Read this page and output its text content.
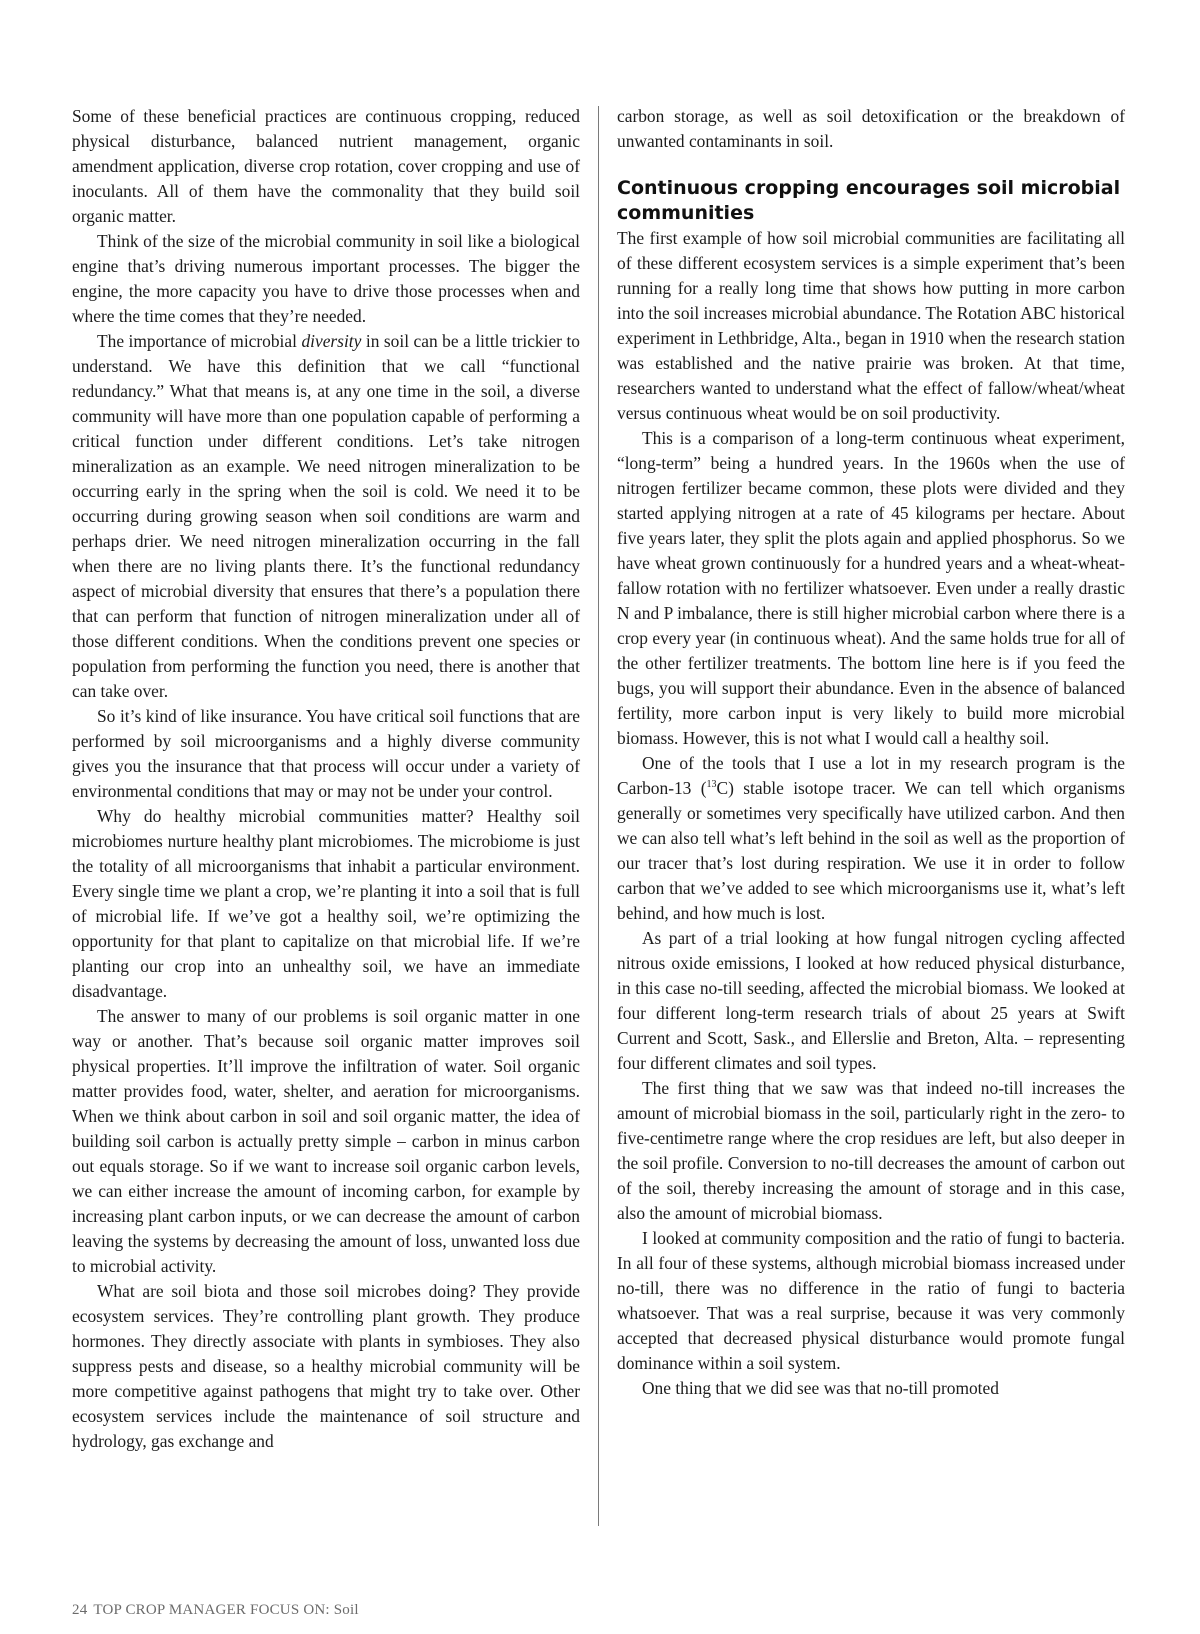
Some of these beneficial practices are continuous cropping, reduced physical disturbance, balanced nutrient management, organic amendment application, diverse crop rotation, cover cropping and use of inoculants. All of them have the commonality that they build soil organic matter.

Think of the size of the microbial community in soil like a biological engine that’s driving numerous important processes. The bigger the engine, the more capacity you have to drive those processes when and where the time comes that they’re needed.

The importance of microbial diversity in soil can be a little trickier to understand. We have this definition that we call “functional redundancy.” What that means is, at any one time in the soil, a diverse community will have more than one population capable of performing a critical function under different conditions. Let’s take nitrogen mineralization as an example. We need nitrogen mineralization to be occurring early in the spring when the soil is cold. We need it to be occurring during growing season when soil conditions are warm and perhaps drier. We need nitrogen mineralization occurring in the fall when there are no living plants there. It’s the functional redundancy aspect of microbial diversity that ensures that there’s a population there that can perform that function of nitrogen mineralization under all of those different conditions. When the conditions prevent one species or population from performing the function you need, there is another that can take over.

So it’s kind of like insurance. You have critical soil functions that are performed by soil microorganisms and a highly diverse community gives you the insurance that that process will occur under a variety of environmental conditions that may or may not be under your control.

Why do healthy microbial communities matter? Healthy soil microbiomes nurture healthy plant microbiomes. The microbiome is just the totality of all microorganisms that inhabit a particular environment. Every single time we plant a crop, we’re planting it into a soil that is full of microbial life. If we’ve got a healthy soil, we’re optimizing the opportunity for that plant to capitalize on that microbial life. If we’re planting our crop into an unhealthy soil, we have an immediate disadvantage.

The answer to many of our problems is soil organic matter in one way or another. That’s because soil organic matter improves soil physical properties. It’ll improve the infiltration of water. Soil organic matter provides food, water, shelter, and aeration for microorganisms. When we think about carbon in soil and soil organic matter, the idea of building soil carbon is actually pretty simple – carbon in minus carbon out equals storage. So if we want to increase soil organic carbon levels, we can either increase the amount of incoming carbon, for example by increasing plant carbon inputs, or we can decrease the amount of carbon leaving the systems by decreasing the amount of loss, unwanted loss due to microbial activity.

What are soil biota and those soil microbes doing? They provide ecosystem services. They’re controlling plant growth. They produce hormones. They directly associate with plants in symbioses. They also suppress pests and disease, so a healthy microbial community will be more competitive against pathogens that might try to take over. Other ecosystem services include the maintenance of soil structure and hydrology, gas exchange and

carbon storage, as well as soil detoxification or the breakdown of unwanted contaminants in soil.

Continuous cropping encourages soil microbial communities

The first example of how soil microbial communities are facilitating all of these different ecosystem services is a simple experiment that’s been running for a really long time that shows how putting in more carbon into the soil increases microbial abundance. The Rotation ABC historical experiment in Lethbridge, Alta., began in 1910 when the research station was established and the native prairie was broken. At that time, researchers wanted to understand what the effect of fallow/wheat/wheat versus continuous wheat would be on soil productivity.

This is a comparison of a long-term continuous wheat experiment, “long-term” being a hundred years. In the 1960s when the use of nitrogen fertilizer became common, these plots were divided and they started applying nitrogen at a rate of 45 kilograms per hectare. About five years later, they split the plots again and applied phosphorus. So we have wheat grown continuously for a hundred years and a wheat-wheat-fallow rotation with no fertilizer whatsoever. Even under a really drastic N and P imbalance, there is still higher microbial carbon where there is a crop every year (in continuous wheat). And the same holds true for all of the other fertilizer treatments. The bottom line here is if you feed the bugs, you will support their abundance. Even in the absence of balanced fertility, more carbon input is very likely to build more microbial biomass. However, this is not what I would call a healthy soil.

One of the tools that I use a lot in my research program is the Carbon-13 ($^{13}$C) stable isotope tracer. We can tell which organisms generally or sometimes very specifically have utilized carbon. And then we can also tell what’s left behind in the soil as well as the proportion of our tracer that’s lost during respiration. We use it in order to follow carbon that we’ve added to see which microorganisms use it, what’s left behind, and how much is lost.

As part of a trial looking at how fungal nitrogen cycling affected nitrous oxide emissions, I looked at how reduced physical disturbance, in this case no-till seeding, affected the microbial biomass. We looked at four different long-term research trials of about 25 years at Swift Current and Scott, Sask., and Ellerslie and Breton, Alta. – representing four different climates and soil types.

The first thing that we saw was that indeed no-till increases the amount of microbial biomass in the soil, particularly right in the zero- to five-centimetre range where the crop residues are left, but also deeper in the soil profile. Conversion to no-till decreases the amount of carbon out of the soil, thereby increasing the amount of storage and in this case, also the amount of microbial biomass.

I looked at community composition and the ratio of fungi to bacteria. In all four of these systems, although microbial biomass increased under no-till, there was no difference in the ratio of fungi to bacteria whatsoever. That was a real surprise, because it was very commonly accepted that decreased physical disturbance would promote fungal dominance within a soil system.

One thing that we did see was that no-till promoted

24 TOP CROP MANAGER FOCUS ON: Soil
